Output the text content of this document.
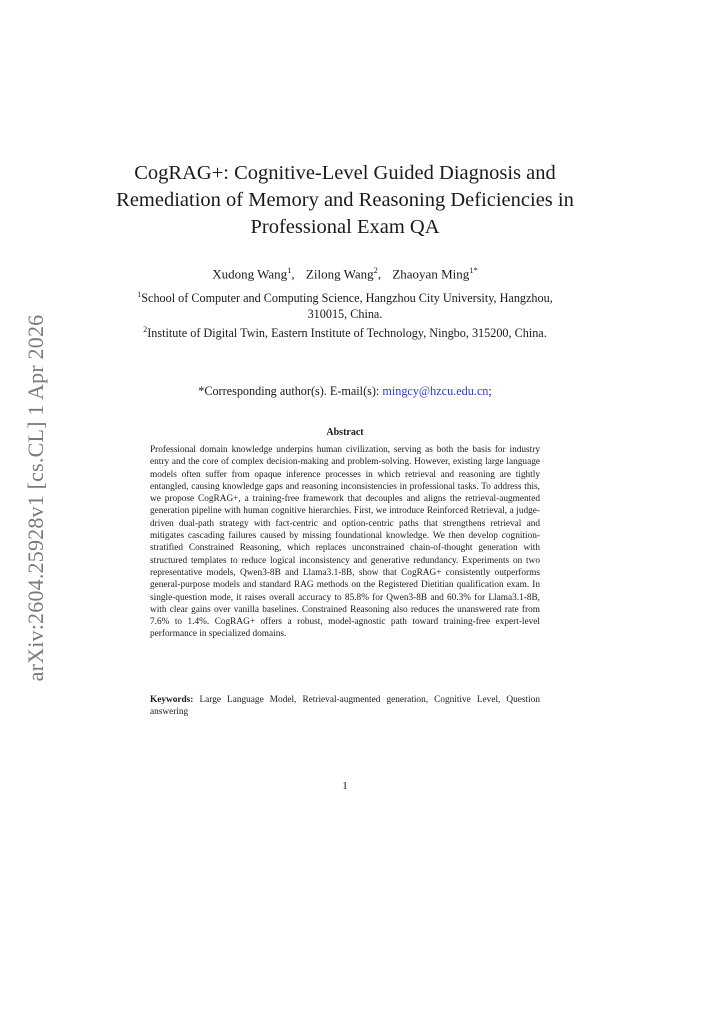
arXiv:2604.25928v1 [cs.CL] 1 Apr 2026
CogRAG+: Cognitive-Level Guided Diagnosis and Remediation of Memory and Reasoning Deficiencies in Professional Exam QA
Xudong Wang$^1$, Zilong Wang$^2$, Zhaoyan Ming$^{1*}$
$^1$School of Computer and Computing Science, Hangzhou City University, Hangzhou, 310015, China.
$^2$Institute of Digital Twin, Eastern Institute of Technology, Ningbo, 315200, China.
*Corresponding author(s). E-mail(s): mingcy@hzcu.edu.cn;
Abstract
Professional domain knowledge underpins human civilization, serving as both the basis for industry entry and the core of complex decision-making and problem-solving. However, existing large language models often suffer from opaque inference processes in which retrieval and reasoning are tightly entangled, causing knowledge gaps and reasoning inconsistencies in professional tasks. To address this, we propose CogRAG+, a training-free framework that decouples and aligns the retrieval-augmented generation pipeline with human cognitive hierarchies. First, we introduce Reinforced Retrieval, a judge-driven dual-path strategy with fact-centric and option-centric paths that strengthens retrieval and mitigates cascading failures caused by missing foundational knowledge. We then develop cognition-stratified Constrained Reasoning, which replaces unconstrained chain-of-thought generation with structured templates to reduce logical inconsistency and generative redundancy. Experiments on two representative models, Qwen3-8B and Llama3.1-8B, show that CogRAG+ consistently outperforms general-purpose models and standard RAG methods on the Registered Dietitian qualification exam. In single-question mode, it raises overall accuracy to 85.8% for Qwen3-8B and 60.3% for Llama3.1-8B, with clear gains over vanilla baselines. Constrained Reasoning also reduces the unanswered rate from 7.6% to 1.4%. CogRAG+ offers a robust, model-agnostic path toward training-free expert-level performance in specialized domains.
Keywords: Large Language Model, Retrieval-augmented generation, Cognitive Level, Question answering
1
